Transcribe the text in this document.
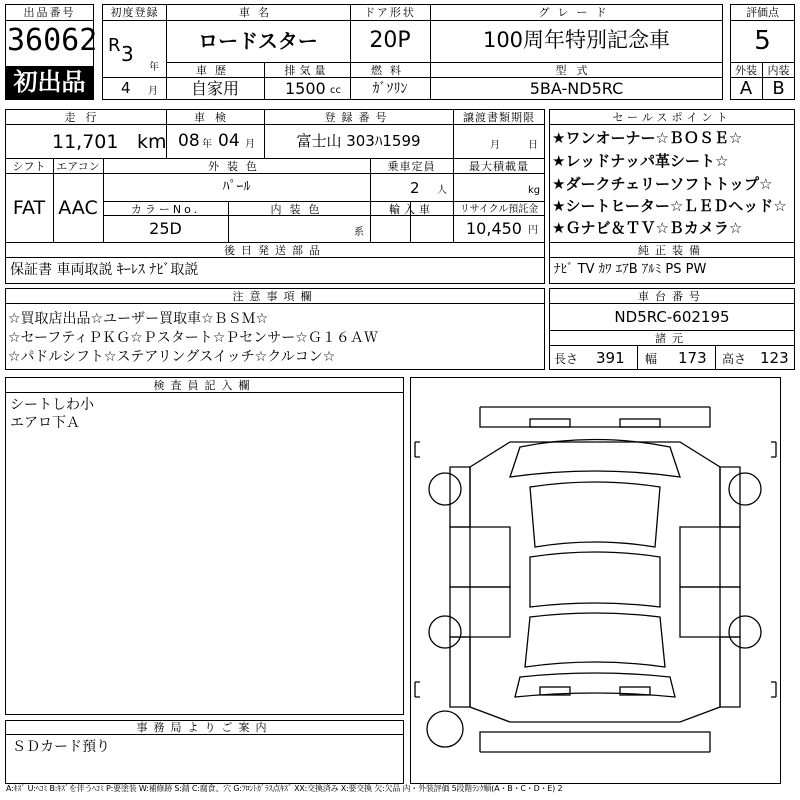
出品番号
36062
初出品
初度登録
R 3
年
4 月
車名
ロードスター
ドア形状
20P
グレード
100周年特別記念車
車歴
自家用
排気量
1500 cc
燃料
ｶﾞｿﾘﾝ
型式
5BA-ND5RC
評価点
5
外装 内装
A	B
走行
11,701 km
車検
08 年 04 月
登録番号
富士山 303ﾊ1599
譲渡書類期限
月	日
シフト
FAT
エアコン
AAC
外装色
ﾊﾟｰﾙ
乗車定員
2 人
最大積載量
kg
カラーNo.
25D
内装色
系
輸入車	リサイクル預託金
10,450 円
後日発送部品
保証書 車両取説 ｷｰﾚｽ ﾅﾋﾞ取説
セールスポイント
★ワンオーナー☆ＢＯＳＥ☆
★レッドナッパ革シート☆
★ダークチェリーソフトトップ☆
★シートヒーター☆ＬＥＤヘッド☆
★Ｇナビ＆ＴＶ☆Ｂカメラ☆
純正装備
ﾅﾋﾞ TV ｶﾜ ｴｱB ｱﾙﾐ PS PW
注意事項欄
☆買取店出品☆ユーザー買取車☆ＢＳＭ☆
☆セーフティＰＫＧ☆Ｐスタート☆Ｐセンサー☆Ｇ１６ＡＷ
☆パドルシフト☆ステアリングスイッチ☆クルコン☆
車台番号
ND5RC-602195
諸元
長さ 391 幅 173 高さ 123
検査員記入欄
シートしわ小
エアロ下Ａ
事務局よりご案内
ＳＤカード預り
A:ｷｽﾞ U:ﾍｺﾐ B:ｷｽﾞを伴うﾍｺﾐ P:要塗装 W:補修跡 S:錆 C:腐食、穴 G:ﾌﾛﾝﾄｶﾞﾗｽ点ｷｽﾞ XX:交換済み X:要交換 欠:欠品 内・外装評価 5段階ﾗﾝｸ順(A・B・C・D・E) 2
